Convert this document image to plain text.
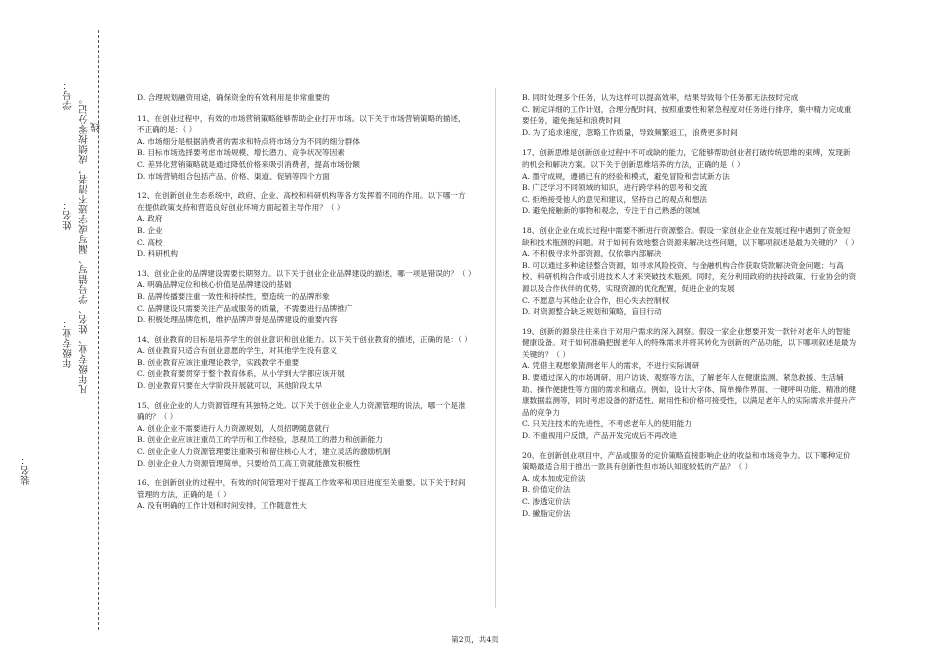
学号：
线
姓名： 凡年级专业、姓名、学号错写、漏写或字迹不清者，成绩按零分记。
年级专业：
装名：

D. 合理规划融资用途，确保资金的有效利用是非常重要的

11、在创业过程中，有效的市场营销策略能够帮助企业打开市场。以下关于市场营销策略的描述，不正确的是：（ ）

A. 市场细分是根据消费者的需求和特点将市场分为不同的细分群体

B. 目标市场选择要考虑市场规模、增长潜力、竞争状况等因素

C. 差异化营销策略就是通过降低价格来吸引消费者，提高市场份额

D. 市场营销组合包括产品、价格、渠道、促销等四个方面

12、在创新创业生态系统中，政府、企业、高校和科研机构等各方发挥着不同的作用。以下哪一方在提供政策支持和营造良好创业环境方面起着主导作用？（ ）

A. 政府

B. 企业

C. 高校

D. 科研机构

13、创业企业的品牌建设需要长期努力。以下关于创业企业品牌建设的描述，哪一项是错误的？（ ）

A. 明确品牌定位和核心价值是品牌建设的基础

B. 品牌传播要注重一致性和持续性，塑造统一的品牌形象

C. 品牌建设只需要关注产品或服务的质量，不需要进行品牌推广

D. 积极处理品牌危机，维护品牌声誉是品牌建设的重要内容

14、创业教育的目标是培养学生的创业意识和创业能力。以下关于创业教育的描述，正确的是：（ ）

A. 创业教育只适合有创业意愿的学生，对其他学生没有意义

B. 创业教育应该注重理论教学，实践教学不重要

C. 创业教育要贯穿于整个教育体系，从小学到大学都应该开展

D. 创业教育只要在大学阶段开展就可以，其他阶段太早

15、创业企业的人力资源管理有其独特之处。以下关于创业企业人力资源管理的说法，哪一个是准确的？（ ）

A. 创业企业不需要进行人力资源规划，人员招聘随意就行

B. 创业企业应该注重员工的学历和工作经验，忽视员工的潜力和创新能力

C. 创业企业人力资源管理要注重吸引和留住核心人才，建立灵活的激励机制

D. 创业企业人力资源管理简单，只要给员工高工资就能激发积极性

16、在创新创业的过程中，有效的时间管理对于提高工作效率和项目进度至关重要。以下关于时间管理的方法，正确的是（ ）

A. 没有明确的工作计划和时间安排，工作随意性大

B. 同时处理多个任务，认为这样可以提高效率，结果导致每个任务都无法按时完成

C. 制定详细的工作计划，合理分配时间，按照重要性和紧急程度对任务进行排序，集中精力完成重要任务，避免拖延和浪费时间

D. 为了追求速度，忽略工作质量，导致频繁返工，浪费更多时间

17、创新思维是创新创业过程中不可或缺的能力，它能够帮助创业者打破传统思维的束缚，发现新的机会和解决方案。以下关于创新思维培养的方法，正确的是（ ）

A. 墨守成规，遵循已有的经验和模式，避免冒险和尝试新方法

B. 广泛学习不同领域的知识，进行跨学科的思考和交流

C. 拒绝接受他人的意见和建议，坚持自己的观点和想法

D. 避免接触新的事物和观念，专注于自己熟悉的领域

18、创业企业在成长过程中需要不断进行资源整合。假设一家创业企业在发展过程中遇到了资金短缺和技术瓶颈的问题。对于如何有效地整合资源来解决这些问题，以下哪项叙述是最为关键的？（ ）

A. 不积极寻求外部资源，仅依靠内部解决

B. 可以通过多种途径整合资源，如寻求风险投资、与金融机构合作获取贷款解决资金问题；与高校、科研机构合作或引进技术人才来突破技术瓶颈。同时，充分利用政府的扶持政策、行业协会的资源以及合作伙伴的优势，实现资源的优化配置，促进企业的发展

C. 不愿意与其他企业合作，担心失去控制权

D. 对资源整合缺乏规划和策略，盲目行动

19、创新的源泉往往来自于对用户需求的深入洞察。假设一家企业想要开发一款针对老年人的智能健康设备。对于如何准确把握老年人的特殊需求并将其转化为创新的产品功能，以下哪项叙述是最为关键的？（ ）

A. 凭借主观想象猜测老年人的需求，不进行实际调研

B. 要通过深入的市场调研、用户访谈、观察等方法，了解老年人在健康监测、紧急救援、生活辅助、操作便捷性等方面的需求和痛点。例如，设计大字体、简单操作界面、一键呼叫功能、精准的健康数据监测等，同时考虑设备的舒适性、耐用性和价格可接受性，以满足老年人的实际需求并提升产品的竞争力

C. 只关注技术的先进性，不考虑老年人的使用能力

D. 不重视用户反馈，产品开发完成后不再改进

20、在创新创业项目中，产品或服务的定价策略直接影响企业的收益和市场竞争力。以下哪种定价策略最适合用于推出一款具有创新性但市场认知度较低的产品？（ ）

A. 成本加成定价法

B. 价值定价法

C. 渗透定价法

D. 撇脂定价法

第2页，共4页
